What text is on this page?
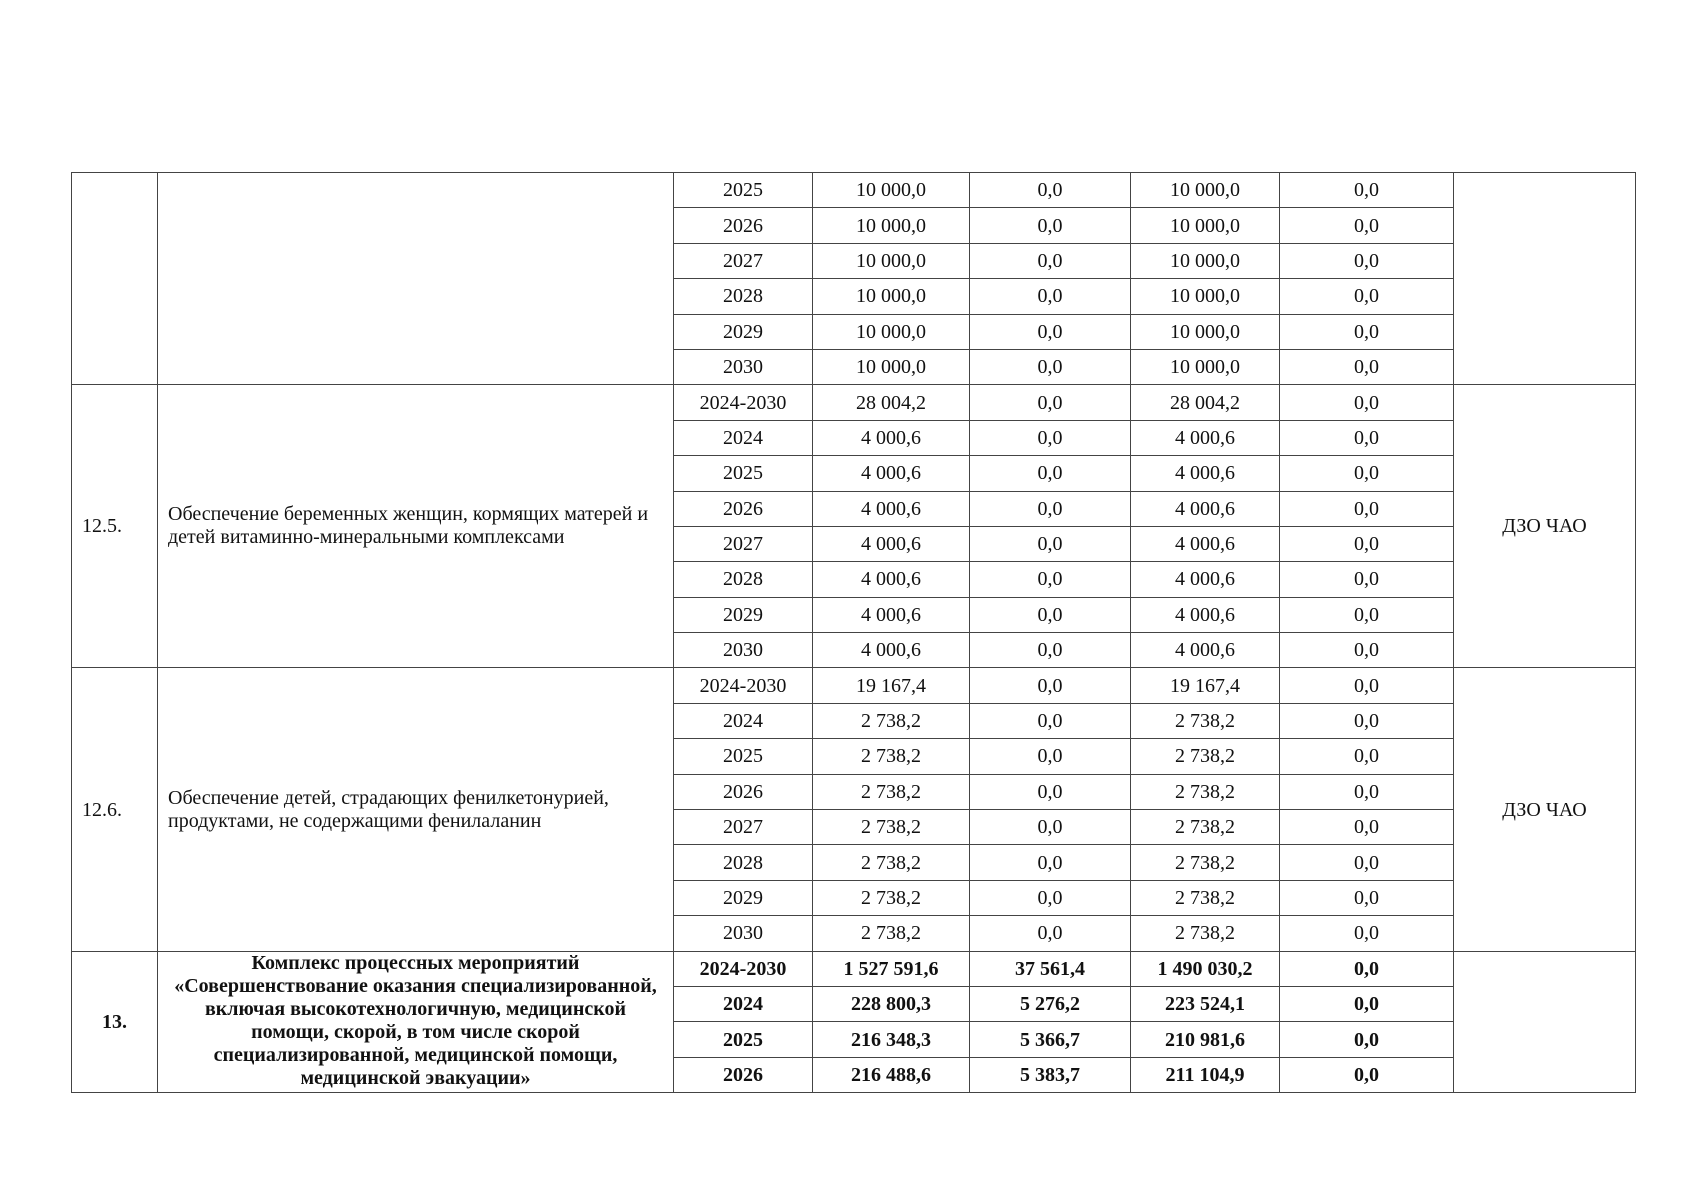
		2025	10 000,0	0,0	10 000,0	0,0	
		2026	10 000,0	0,0	10 000,0	0,0	
		2027	10 000,0	0,0	10 000,0	0,0	
		2028	10 000,0	0,0	10 000,0	0,0	
		2029	10 000,0	0,0	10 000,0	0,0	
		2030	10 000,0	0,0	10 000,0	0,0	
12.5.	Обеспечение беременных женщин, кормящих матерей и детей витаминно-минеральными комплексами	2024-2030	28 004,2	0,0	28 004,2	0,0	ДЗО ЧАО
		2024	4 000,6	0,0	4 000,6	0,0	
		2025	4 000,6	0,0	4 000,6	0,0	
		2026	4 000,6	0,0	4 000,6	0,0	
		2027	4 000,6	0,0	4 000,6	0,0	
		2028	4 000,6	0,0	4 000,6	0,0	
		2029	4 000,6	0,0	4 000,6	0,0	
		2030	4 000,6	0,0	4 000,6	0,0	
12.6.	Обеспечение детей, страдающих фенилкетонурией, продуктами, не содержащими фенилаланин	2024-2030	19 167,4	0,0	19 167,4	0,0	ДЗО ЧАО
		2024	2 738,2	0,0	2 738,2	0,0	
		2025	2 738,2	0,0	2 738,2	0,0	
		2026	2 738,2	0,0	2 738,2	0,0	
		2027	2 738,2	0,0	2 738,2	0,0	
		2028	2 738,2	0,0	2 738,2	0,0	
		2029	2 738,2	0,0	2 738,2	0,0	
		2030	2 738,2	0,0	2 738,2	0,0	
13.	Комплекс процессных мероприятий «Совершенствование оказания специализированной, включая высокотехнологичную, медицинской помощи, скорой, в том числе скорой специализированной, медицинской помощи, медицинской эвакуации»	2024-2030	1 527 591,6	37 561,4	1 490 030,2	0,0	
		2024	228 800,3	5 276,2	223 524,1	0,0	
		2025	216 348,3	5 366,7	210 981,6	0,0	
		2026	216 488,6	5 383,7	211 104,9	0,0	
